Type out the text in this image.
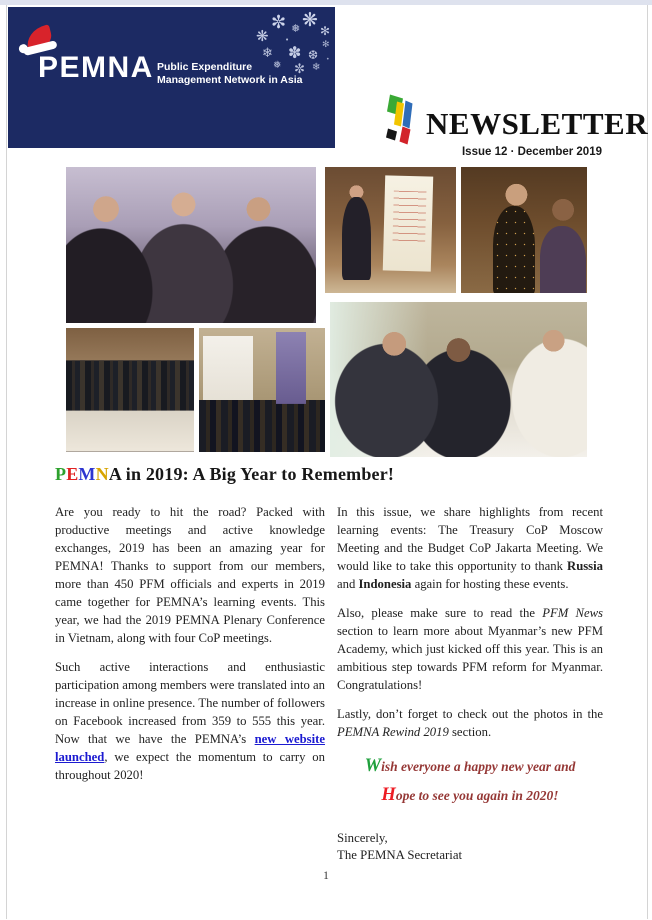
PEMNA Public Expenditure
Management Network in Asia
❋
✼ ❅ ❋ ✻
•
❄ ✽ ❆
✻
❅ ✼ ❄
•
NEWSLETTER
Issue 12 · December 2019
PEMNA in 2019: A Big Year to Remember!

Are you ready to hit the road? Packed with productive meetings and active knowledge exchanges, 2019 has been an amazing year for PEMNA! Thanks to support from our members, more than 450 PFM officials and experts in 2019 came together for PEMNA’s learning events. This year, we had the 2019 PEMNA Plenary Conference in Vietnam, along with four CoP meetings.

Such active interactions and enthusiastic participation among members were translated into an increase in online presence. The number of followers on Facebook increased from 359 to 555 this year. Now that we have the PEMNA’s new website launched, we expect the momentum to carry on throughout 2020!

In this issue, we share highlights from recent learning events: The Treasury CoP Moscow Meeting and the Budget CoP Jakarta Meeting. We would like to take this opportunity to thank Russia and Indonesia again for hosting these events.

Also, please make sure to read the PFM News section to learn more about Myanmar’s new PFM Academy, which just kicked off this year. This is an ambitious step towards PFM reform for Myanmar. Congratulations!

Lastly, don’t forget to check out the photos in the PEMNA Rewind 2019 section.

Wish everyone a happy new year and
Hope to see you again in 2020!
Sincerely,
The PEMNA Secretariat
1
